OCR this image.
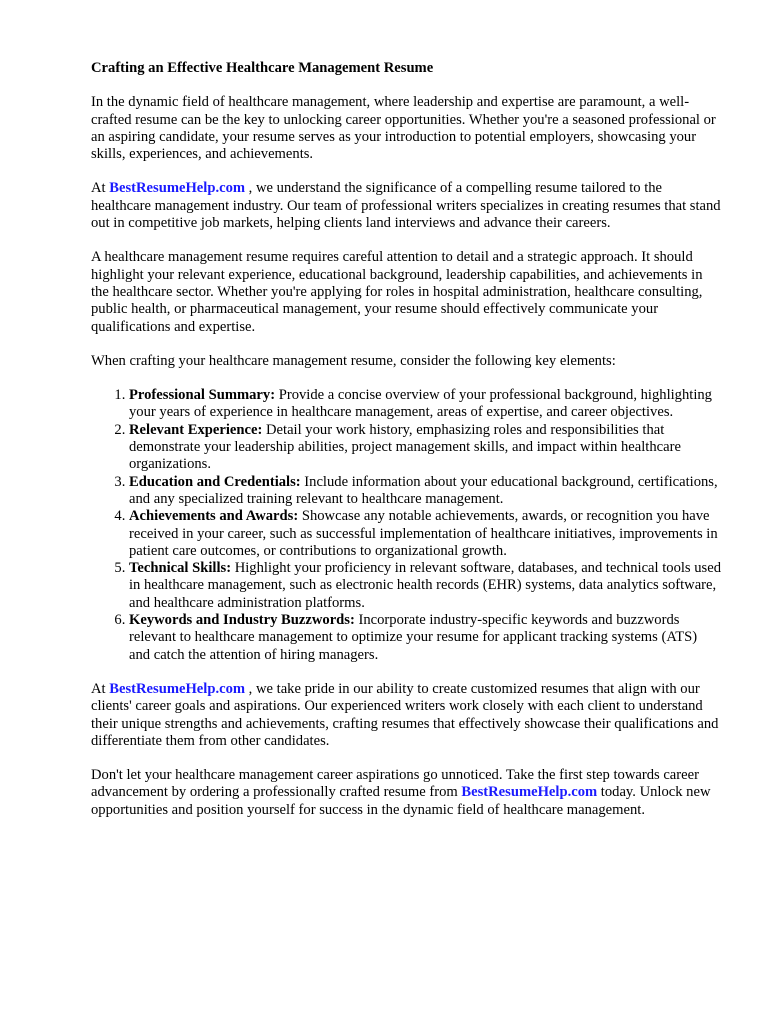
Crafting an Effective Healthcare Management Resume

In the dynamic field of healthcare management, where leadership and expertise are paramount, a well-crafted resume can be the key to unlocking career opportunities. Whether you're a seasoned professional or an aspiring candidate, your resume serves as your introduction to potential employers, showcasing your skills, experiences, and achievements.

At BestResumeHelp.com , we understand the significance of a compelling resume tailored to the healthcare management industry. Our team of professional writers specializes in creating resumes that stand out in competitive job markets, helping clients land interviews and advance their careers.

A healthcare management resume requires careful attention to detail and a strategic approach. It should highlight your relevant experience, educational background, leadership capabilities, and achievements in the healthcare sector. Whether you're applying for roles in hospital administration, healthcare consulting, public health, or pharmaceutical management, your resume should effectively communicate your qualifications and expertise.

When crafting your healthcare management resume, consider the following key elements:

1. Professional Summary: Provide a concise overview of your professional background, highlighting your years of experience in healthcare management, areas of expertise, and career objectives.
2. Relevant Experience: Detail your work history, emphasizing roles and responsibilities that demonstrate your leadership abilities, project management skills, and impact within healthcare organizations.
3. Education and Credentials: Include information about your educational background, certifications, and any specialized training relevant to healthcare management.
4. Achievements and Awards: Showcase any notable achievements, awards, or recognition you have received in your career, such as successful implementation of healthcare initiatives, improvements in patient care outcomes, or contributions to organizational growth.
5. Technical Skills: Highlight your proficiency in relevant software, databases, and technical tools used in healthcare management, such as electronic health records (EHR) systems, data analytics software, and healthcare administration platforms.
6. Keywords and Industry Buzzwords: Incorporate industry-specific keywords and buzzwords relevant to healthcare management to optimize your resume for applicant tracking systems (ATS) and catch the attention of hiring managers.

At BestResumeHelp.com , we take pride in our ability to create customized resumes that align with our clients' career goals and aspirations. Our experienced writers work closely with each client to understand their unique strengths and achievements, crafting resumes that effectively showcase their qualifications and differentiate them from other candidates.

Don't let your healthcare management career aspirations go unnoticed. Take the first step towards career advancement by ordering a professionally crafted resume from BestResumeHelp.com today. Unlock new opportunities and position yourself for success in the dynamic field of healthcare management.
